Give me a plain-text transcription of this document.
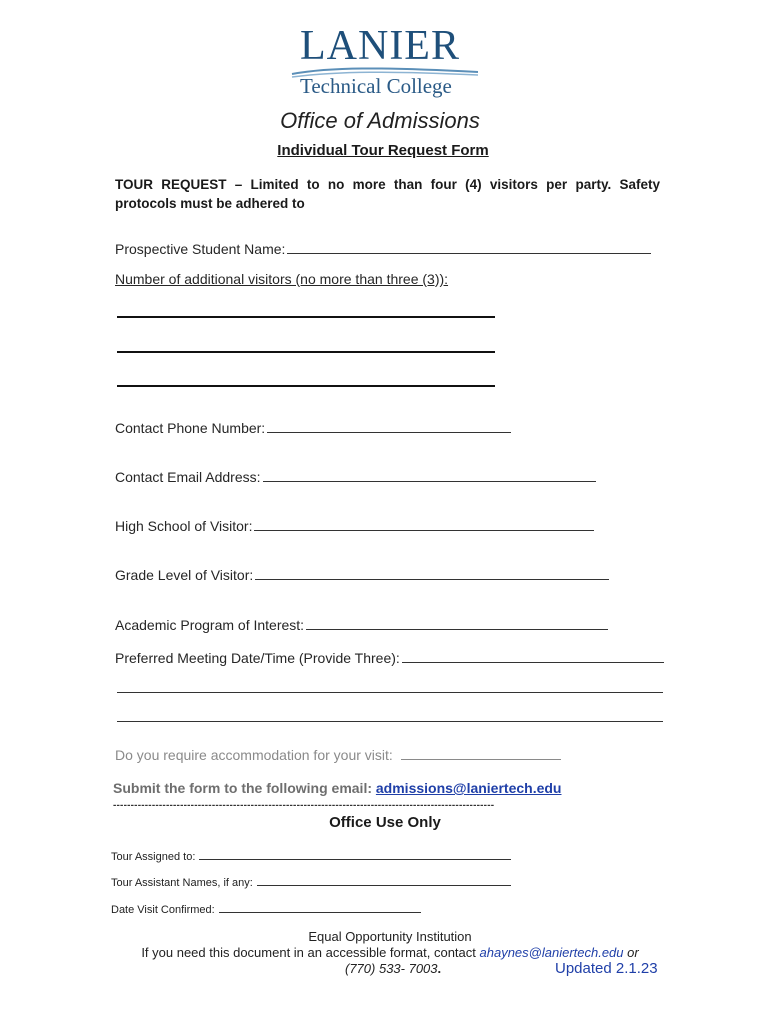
LANIER
Technical College
Office of Admissions
Individual Tour Request Form
TOUR REQUEST – Limited to no more than four (4) visitors per party. Safety protocols must be adhered to
Prospective Student Name:
Number of additional visitors (no more than three (3)):
Contact Phone Number:
Contact Email Address:
High School of Visitor:
Grade Level of Visitor:
Academic Program of Interest:
Preferred Meeting Date/Time (Provide Three):
Do you require accommodation for your visit:
Submit the form to the following email: admissions@laniertech.edu
------------------------------------------------------------------------------------------------------------
Office Use Only
Tour Assigned to:
Tour Assistant Names, if any:
Date Visit Confirmed:
Equal Opportunity Institution
If you need this document in an accessible format, contact ahaynes@laniertech.edu or
(770) 533- 7003.	Updated 2.1.23
